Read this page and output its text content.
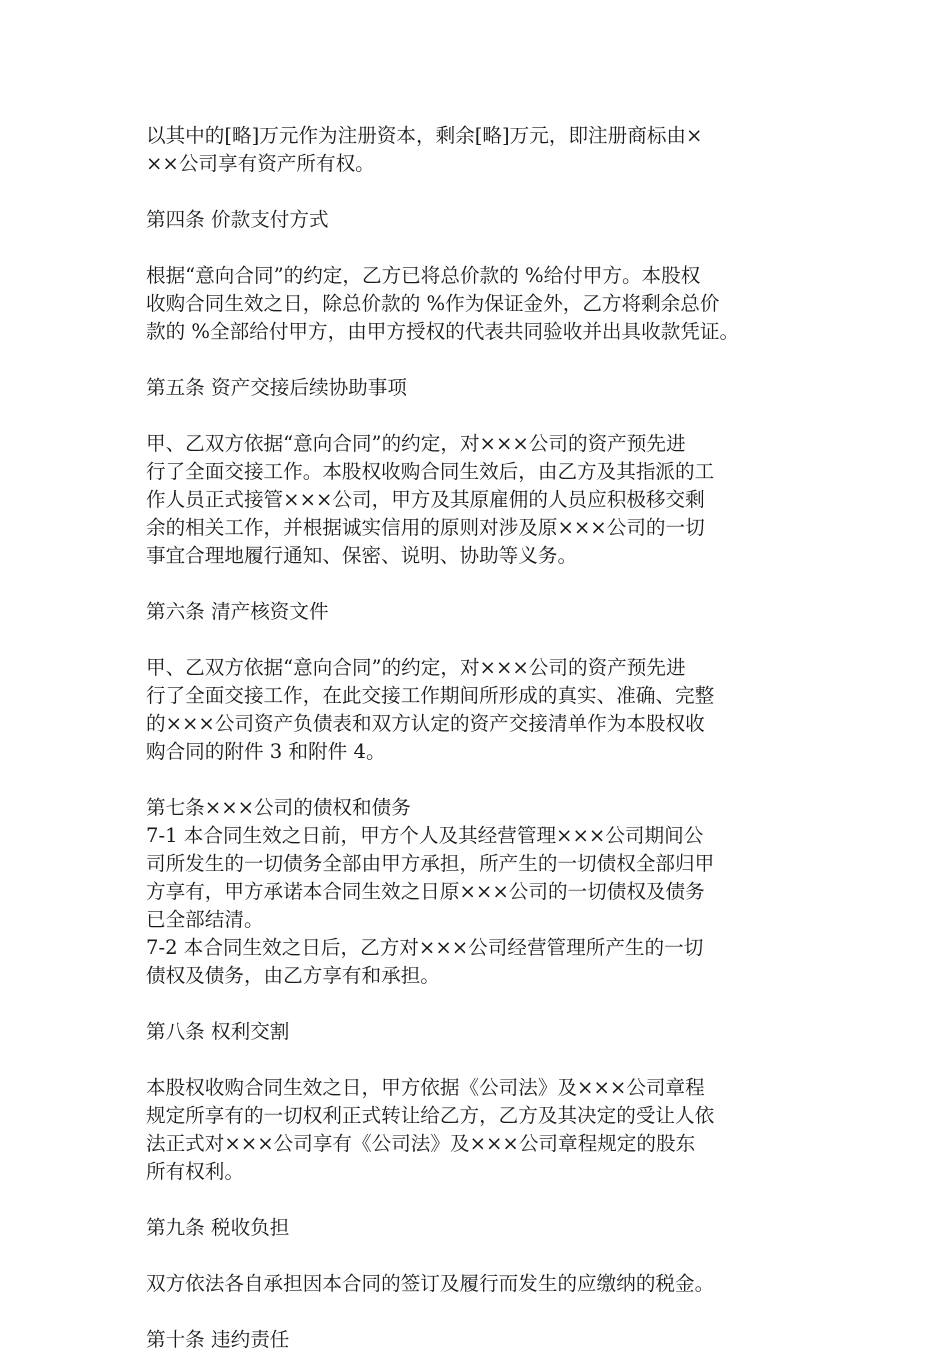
以其中的[略]万元作为注册资本，剩余[略]万元，即注册商标由×
××公司享有资产所有权。
第四条 价款支付方式
根据“意向合同”的约定，乙方已将总价款的 %给付甲方。本股权
收购合同生效之日，除总价款的 %作为保证金外，乙方将剩余总价
款的 %全部给付甲方，由甲方授权的代表共同验收并出具收款凭证。
第五条 资产交接后续协助事项
甲、乙双方依据“意向合同”的约定，对×××公司的资产预先进
行了全面交接工作。本股权收购合同生效后，由乙方及其指派的工
作人员正式接管×××公司，甲方及其原雇佣的人员应积极移交剩
余的相关工作，并根据诚实信用的原则对涉及原×××公司的一切
事宜合理地履行通知、保密、说明、协助等义务。
第六条 清产核资文件
甲、乙双方依据“意向合同”的约定，对×××公司的资产预先进
行了全面交接工作，在此交接工作期间所形成的真实、准确、完整
的×××公司资产负债表和双方认定的资产交接清单作为本股权收
购合同的附件 3 和附件 4。
第七条×××公司的债权和债务
7-1 本合同生效之日前，甲方个人及其经营管理×××公司期间公
司所发生的一切债务全部由甲方承担，所产生的一切债权全部归甲
方享有，甲方承诺本合同生效之日原×××公司的一切债权及债务
已全部结清。
7-2 本合同生效之日后，乙方对×××公司经营管理所产生的一切
债权及债务，由乙方享有和承担。
第八条 权利交割
本股权收购合同生效之日，甲方依据《公司法》及×××公司章程
规定所享有的一切权利正式转让给乙方，乙方及其决定的受让人依
法正式对×××公司享有《公司法》及×××公司章程规定的股东
所有权利。
第九条 税收负担
双方依法各自承担因本合同的签订及履行而发生的应缴纳的税金。
第十条 违约责任
